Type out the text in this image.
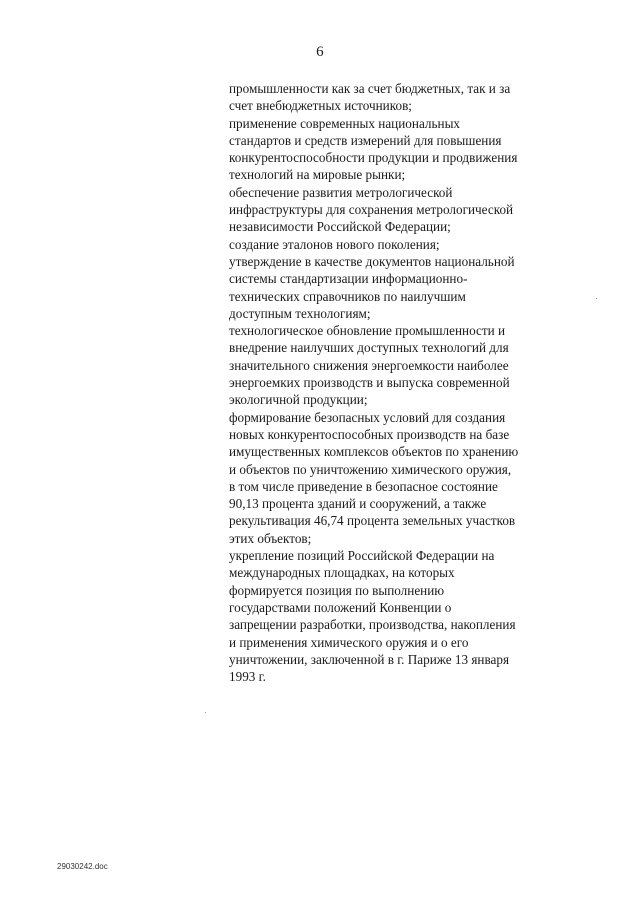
6
промышленности как за счет бюджетных, так и за
счет внебюджетных источников;
применение современных национальных
стандартов и средств измерений для повышения
конкурентоспособности продукции и продвижения
технологий на мировые рынки;
обеспечение развития метрологической
инфраструктуры для сохранения метрологической
независимости Российской Федерации;
создание эталонов нового поколения;
утверждение в качестве документов национальной
системы стандартизации информационно-
технических справочников по наилучшим
доступным технологиям;
технологическое обновление промышленности и
внедрение наилучших доступных технологий для
значительного снижения энергоемкости наиболее
энергоемких производств и выпуска современной
экологичной продукции;
формирование безопасных условий для создания
новых конкурентоспособных производств на базе
имущественных комплексов объектов по хранению
и объектов по уничтожению химического оружия,
в том числе приведение в безопасное состояние
90,13 процента зданий и сооружений, а также
рекультивация 46,74 процента земельных участков
этих объектов;
укрепление позиций Российской Федерации на
международных площадках, на которых
формируется позиция по выполнению
государствами положений Конвенции о
запрещении разработки, производства, накопления
и применения химического оружия и о его
уничтожении, заключенной в г. Париже 13 января
1993 г.
29030242.doc
